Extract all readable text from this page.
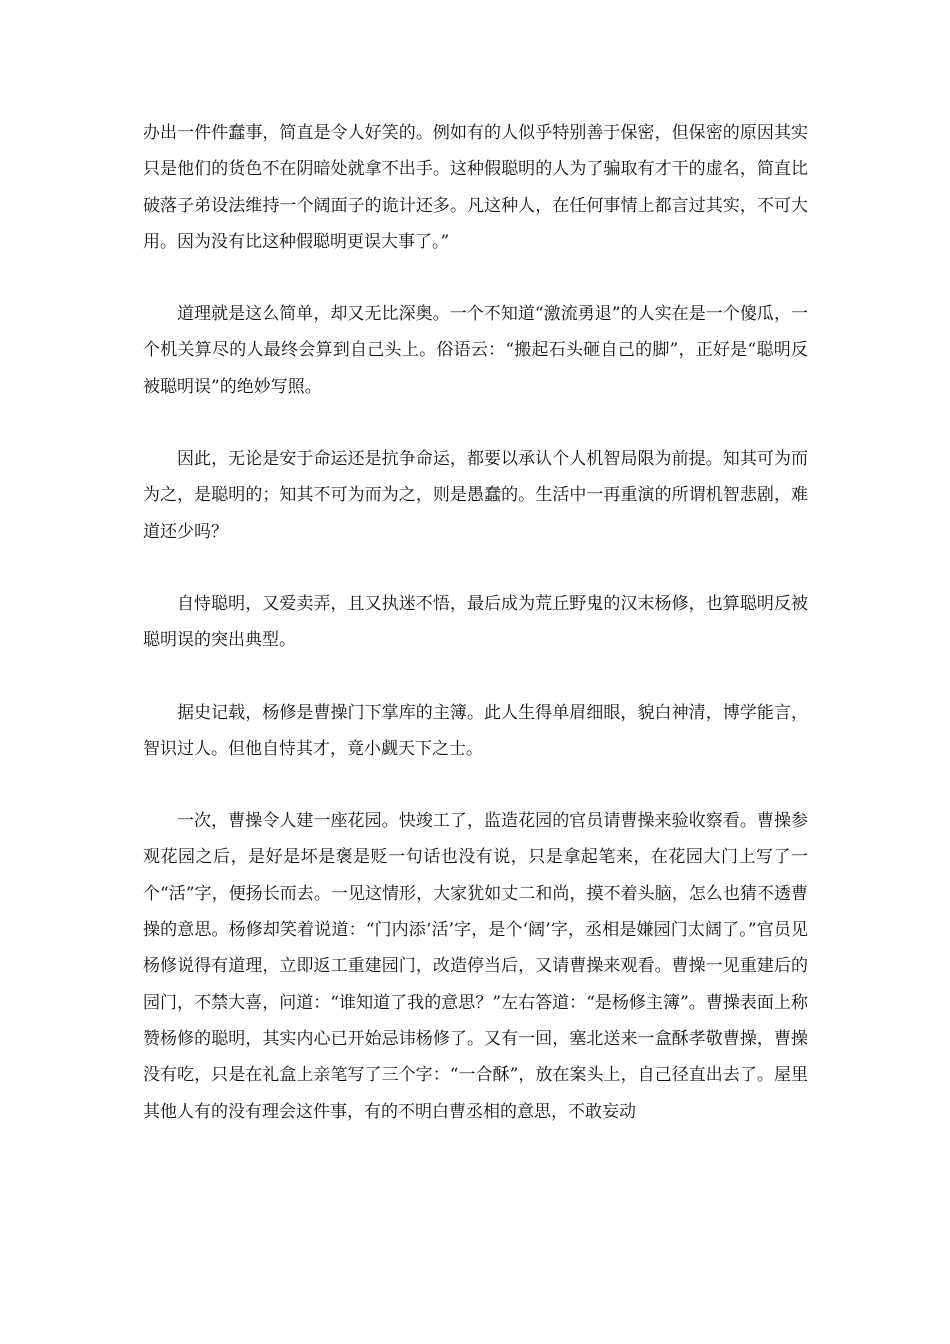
办出一件件蠢事，简直是令人好笑的。例如有的人似乎特别善于保密，但保密的原因其实只是他们的货色不在阴暗处就拿不出手。这种假聪明的人为了骗取有才干的虚名，简直比破落子弟设法维持一个阔面子的诡计还多。凡这种人，在任何事情上都言过其实，不可大用。因为没有比这种假聪明更误大事了。”

道理就是这么简单，却又无比深奥。一个不知道“激流勇退”的人实在是一个傻瓜，一个机关算尽的人最终会算到自己头上。俗语云：“搬起石头砸自己的脚”，正好是“聪明反被聪明误”的绝妙写照。

因此，无论是安于命运还是抗争命运，都要以承认个人机智局限为前提。知其可为而为之，是聪明的；知其不可为而为之，则是愚蠢的。生活中一再重演的所谓机智悲剧，难道还少吗？

自恃聪明，又爱卖弄，且又执迷不悟，最后成为荒丘野鬼的汉末杨修，也算聪明反被聪明误的突出典型。

据史记载，杨修是曹操门下掌库的主簿。此人生得单眉细眼，貌白神清，博学能言，智识过人。但他自恃其才，竟小觑天下之士。

一次，曹操令人建一座花园。快竣工了，监造花园的官员请曹操来验收察看。曹操参观花园之后，是好是坏是褒是贬一句话也没有说，只是拿起笔来，在花园大门上写了一个“活”字，便扬长而去。一见这情形，大家犹如丈二和尚，摸不着头脑，怎么也猜不透曹操的意思。杨修却笑着说道：“门内添‘活’字，是个‘阔’字，丞相是嫌园门太阔了。”官员见杨修说得有道理，立即返工重建园门，改造停当后，又请曹操来观看。曹操一见重建后的园门，不禁大喜，问道：“谁知道了我的意思？”左右答道：“是杨修主簿”。曹操表面上称赞杨修的聪明，其实内心已开始忌讳杨修了。又有一回，塞北送来一盒酥孝敬曹操，曹操没有吃，只是在礼盒上亲笔写了三个字：“一合酥”，放在案头上，自己径直出去了。屋里其他人有的没有理会这件事，有的不明白曹丞相的意思，不敢妄动
